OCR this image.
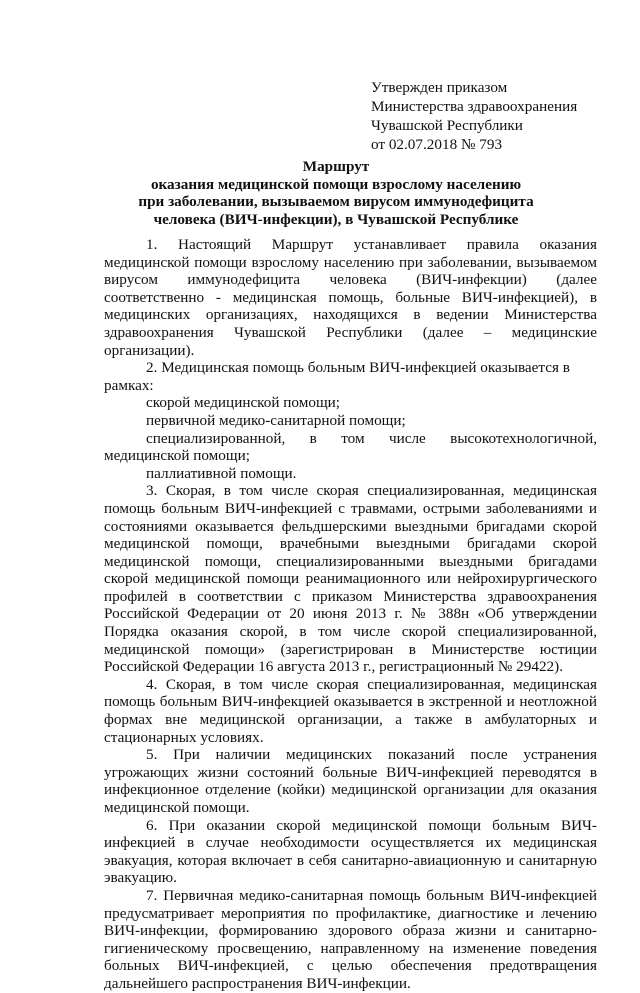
Утвержден приказом
Министерства здравоохранения
Чувашской Республики
от 02.07.2018 № 793
Маршрут
оказания медицинской помощи взрослому населению
при заболевании, вызываемом вирусом иммунодефицита
человека (ВИЧ-инфекции), в Чувашской Республике

1. Настоящий Маршрут устанавливает правила оказания медицинской помощи взрослому населению при заболевании, вызываемом вирусом иммунодефицита человека (ВИЧ-инфекции) (далее соответственно - медицинская помощь, больные ВИЧ-инфекцией), в медицинских организациях, находящихся в ведении Министерства здравоохранения Чувашской Республики (далее – медицинские организации).

2. Медицинская помощь больным ВИЧ-инфекцией оказывается в рамках:

скорой медицинской помощи;

первичной медико-санитарной помощи;

специализированной, в том числе высокотехнологичной, медицинской помощи;

паллиативной помощи.

3. Скорая, в том числе скорая специализированная, медицинская помощь больным ВИЧ-инфекцией с травмами, острыми заболеваниями и состояниями оказывается фельдшерскими выездными бригадами скорой медицинской помощи, врачебными выездными бригадами скорой медицинской помощи, специализированными выездными бригадами скорой медицинской помощи реанимационного или нейрохирургического профилей в соответствии с приказом Министерства здравоохранения Российской Федерации от 20 июня 2013 г. № 388н «Об утверждении Порядка оказания скорой, в том числе скорой специализированной, медицинской помощи» (зарегистрирован в Министерстве юстиции Российской Федерации 16 августа 2013 г., регистрационный № 29422).

4. Скорая, в том числе скорая специализированная, медицинская помощь больным ВИЧ-инфекцией оказывается в экстренной и неотложной формах вне медицинской организации, а также в амбулаторных и стационарных условиях.

5. При наличии медицинских показаний после устранения угрожающих жизни состояний больные ВИЧ-инфекцией переводятся в инфекционное отделение (койки) медицинской организации для оказания медицинской помощи.

6. При оказании скорой медицинской помощи больным ВИЧ-инфекцией в случае необходимости осуществляется их медицинская эвакуация, которая включает в себя санитарно-авиационную и санитарную эвакуацию.

7. Первичная медико-санитарная помощь больным ВИЧ-инфекцией предусматривает мероприятия по профилактике, диагностике и лечению ВИЧ-инфекции, формированию здорового образа жизни и санитарно-гигиеническому просвещению, направленному на изменение поведения больных ВИЧ-инфекцией, с целью обеспечения предотвращения дальнейшего распространения ВИЧ-инфекции.
